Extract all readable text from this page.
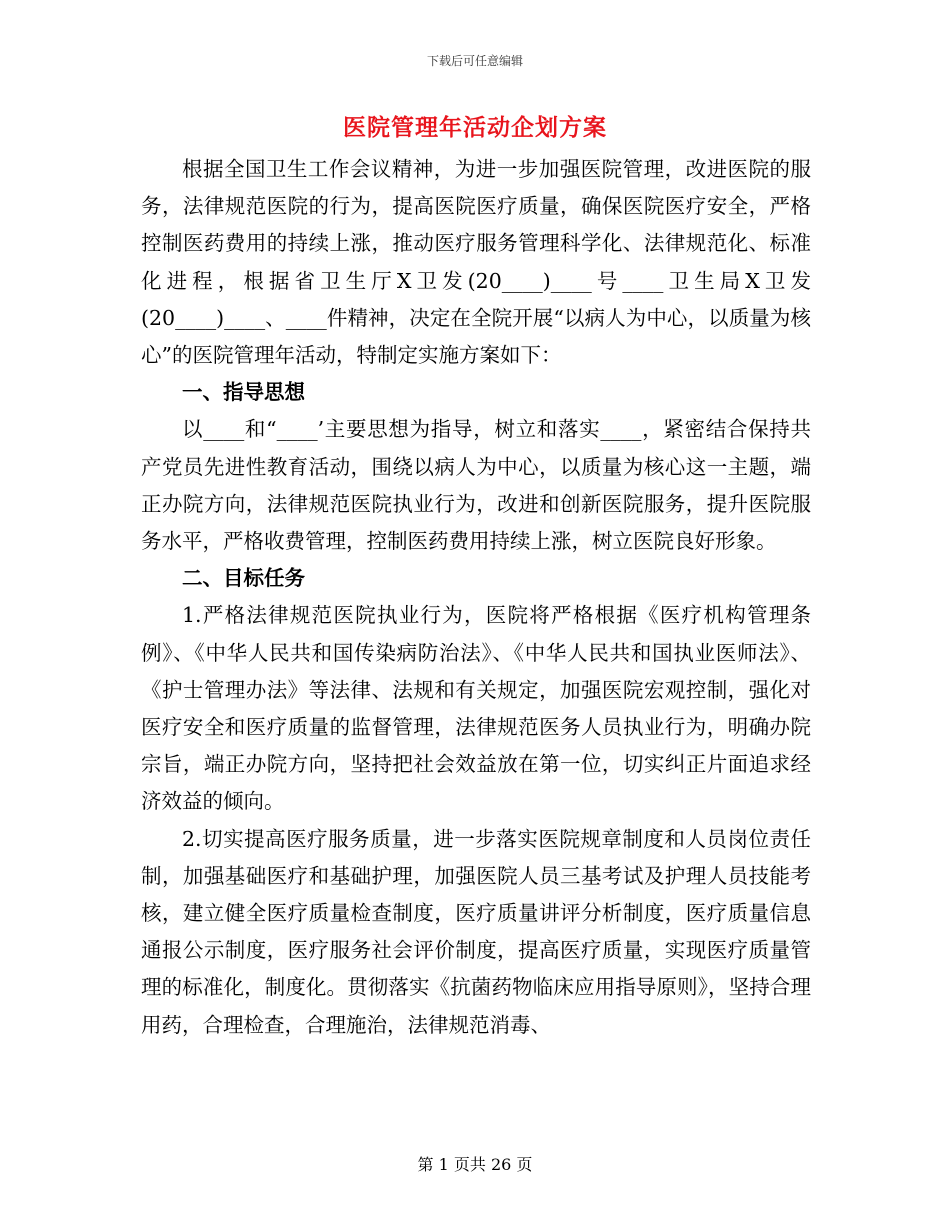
下载后可任意编辑
医院管理年活动企划方案

根据全国卫生工作会议精神，为进一步加强医院管理，改进医院的服务，法律规范医院的行为，提高医院医疗质量，确保医院医疗安全，严格控制医药费用的持续上涨，推动医疗服务管理科学化、法律规范化、标准化进程，根据省卫生厅X卫发(20____)____号____卫生局X卫发(20____)____、____件精神，决定在全院开展“以病人为中心，以质量为核心”的医院管理年活动，特制定实施方案如下：

一、指导思想

以____和“____’主要思想为指导，树立和落实____，紧密结合保持共产党员先进性教育活动，围绕以病人为中心，以质量为核心这一主题，端正办院方向，法律规范医院执业行为，改进和创新医院服务，提升医院服务水平，严格收费管理，控制医药费用持续上涨，树立医院良好形象。

二、目标任务

1.严格法律规范医院执业行为，医院将严格根据《医疗机构管理条例》、《中华人民共和国传染病防治法》、《中华人民共和国执业医师法》、《护士管理办法》等法律、法规和有关规定，加强医院宏观控制，强化对医疗安全和医疗质量的监督管理，法律规范医务人员执业行为，明确办院宗旨，端正办院方向，坚持把社会效益放在第一位，切实纠正片面追求经济效益的倾向。

2.切实提高医疗服务质量，进一步落实医院规章制度和人员岗位责任制，加强基础医疗和基础护理，加强医院人员三基考试及护理人员技能考核，建立健全医疗质量检查制度，医疗质量讲评分析制度，医疗质量信息通报公示制度，医疗服务社会评价制度，提高医疗质量，实现医疗质量管理的标准化，制度化。贯彻落实《抗菌药物临床应用指导原则》，坚持合理用药，合理检查，合理施治，法律规范消毒、

第 1 页共 26 页
